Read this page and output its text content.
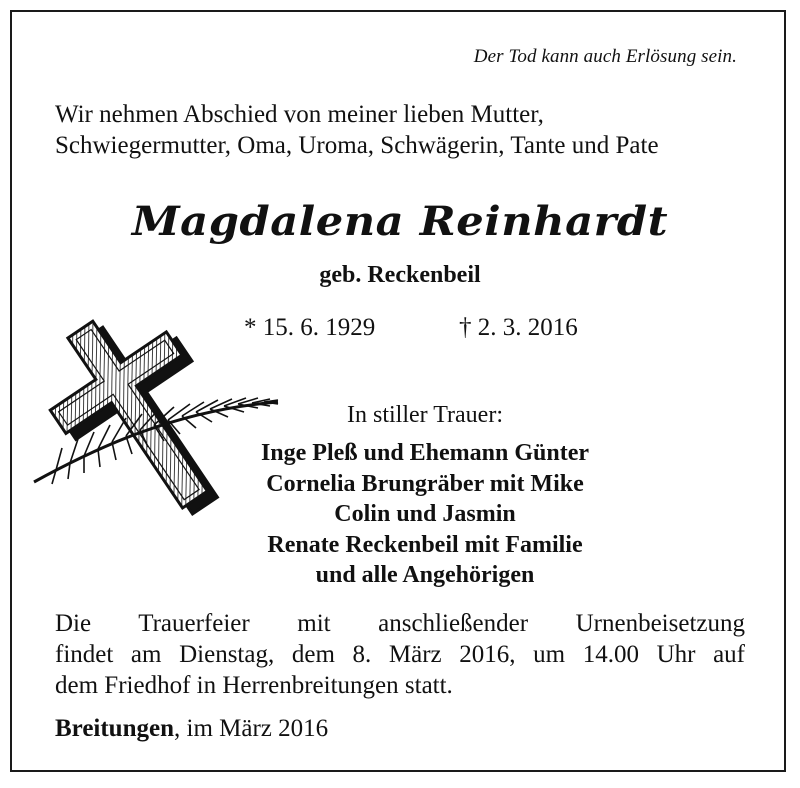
Der Tod kann auch Erlösung sein.
Wir nehmen Abschied von meiner lieben Mutter,
Schwiegermutter, Oma, Uroma, Schwägerin, Tante und Pate
Magdalena Reinhardt
geb. Reckenbeil
* 15. 6. 1929	† 2. 3. 2016
In stiller Trauer:
Inge Pleß und Ehemann Günter
Cornelia Brungräber mit Mike
Colin und Jasmin
Renate Reckenbeil mit Familie
und alle Angehörigen
Die Trauerfeier mit anschließender Urnenbeisetzung
findet am Dienstag, dem 8. März 2016, um 14.00 Uhr auf
dem Friedhof in Herrenbreitungen statt.
Breitungen, im März 2016
